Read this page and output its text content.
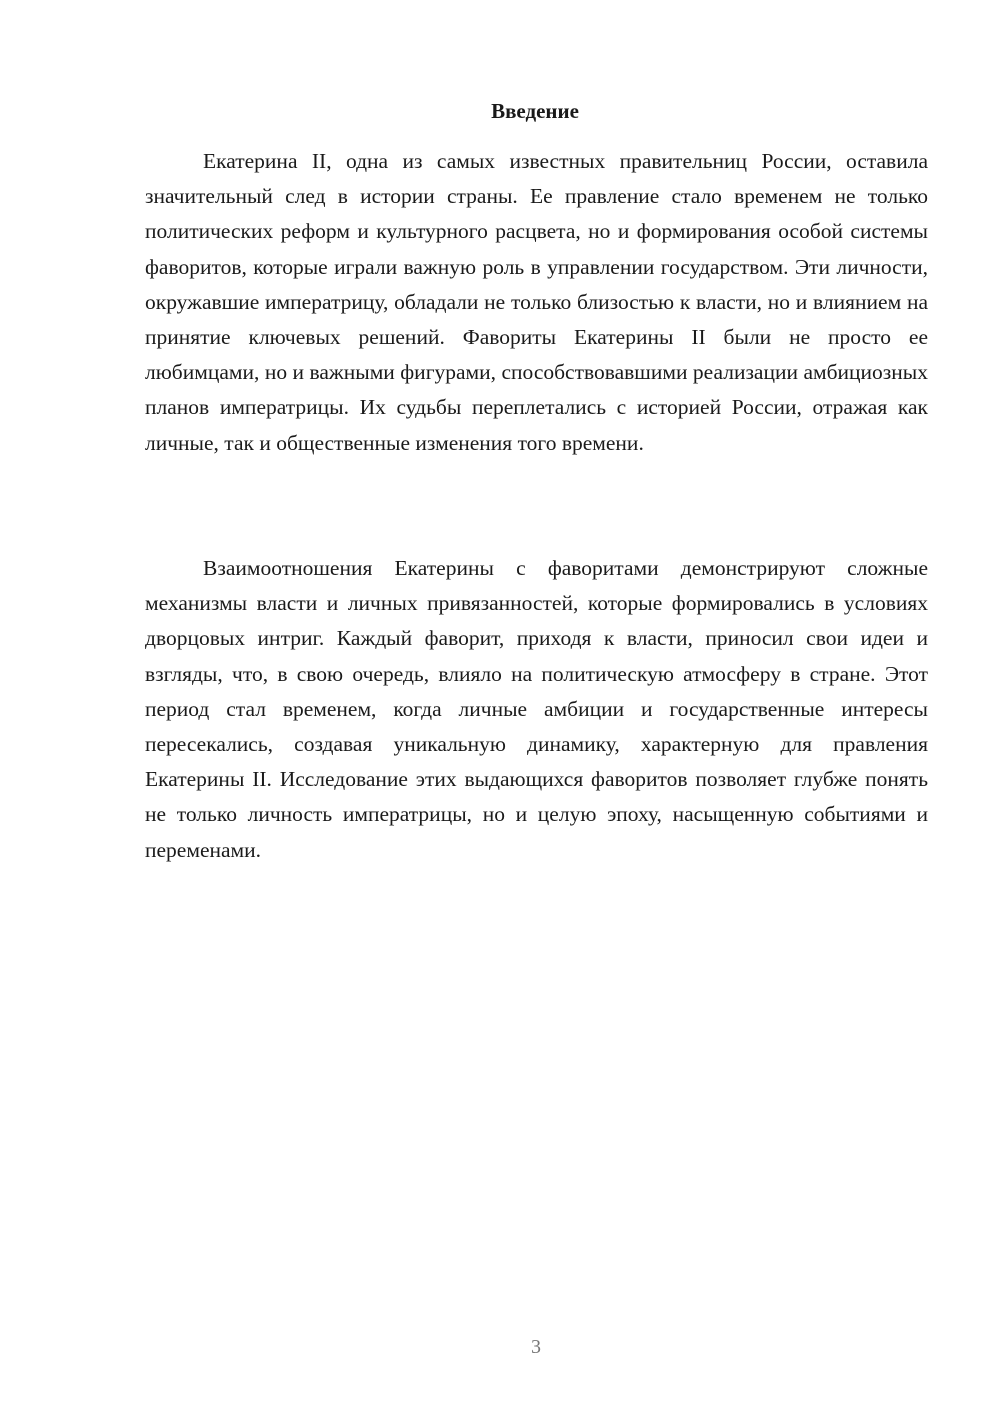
Введение

Екатерина II, одна из самых известных правительниц России, оставила значительный след в истории страны. Ее правление стало временем не только политических реформ и культурного расцвета, но и формирования особой системы фаворитов, которые играли важную роль в управлении государством. Эти личности, окружавшие императрицу, обладали не только близостью к власти, но и влиянием на принятие ключевых решений. Фавориты Екатерины II были не просто ее любимцами, но и важными фигурами, способствовавшими реализации амбициозных планов императрицы. Их судьбы переплетались с историей России, отражая как личные, так и общественные изменения того времени.

Взаимоотношения Екатерины с фаворитами демонстрируют сложные механизмы власти и личных привязанностей, которые формировались в условиях дворцовых интриг. Каждый фаворит, приходя к власти, приносил свои идеи и взгляды, что, в свою очередь, влияло на политическую атмосферу в стране. Этот период стал временем, когда личные амбиции и государственные интересы пересекались, создавая уникальную динамику, характерную для правления Екатерины II. Исследование этих выдающихся фаворитов позволяет глубже понять не только личность императрицы, но и целую эпоху, насыщенную событиями и переменами.

3
